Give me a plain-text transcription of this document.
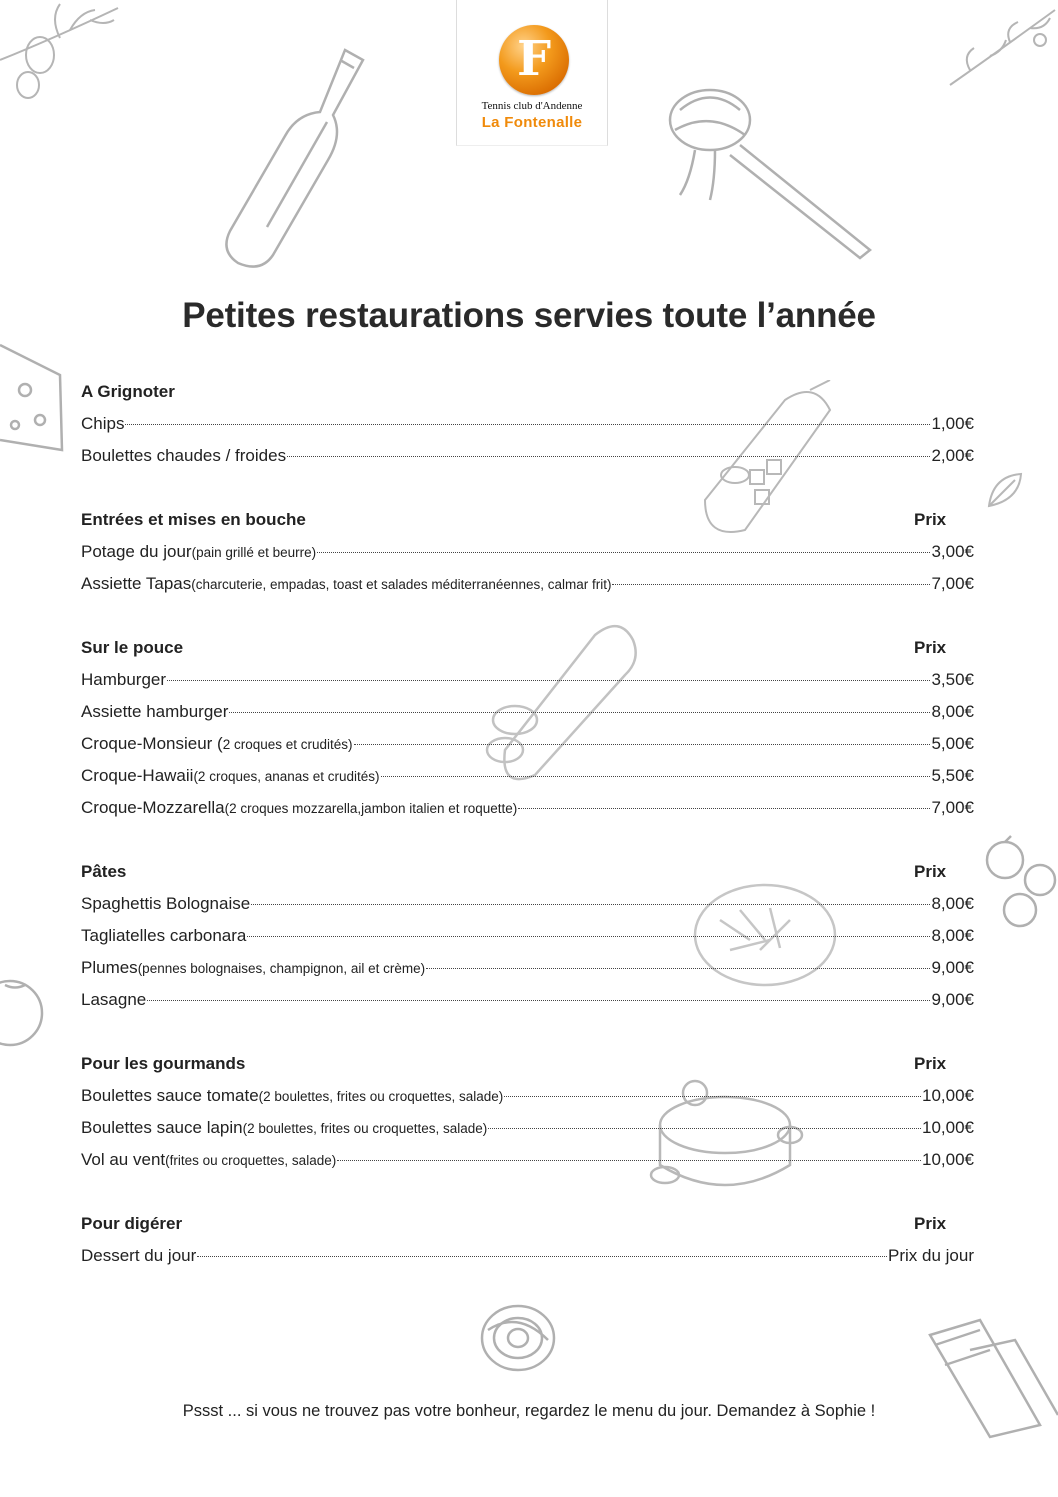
F
Tennis club d'Andenne
La Fontenalle
Petites restaurations servies toute l’année
A Grignoter
Chips	1,00€
Boulettes chaudes / froides	2,00€
Entrées et mises en bouche	Prix
Potage du jour (pain grillé et beurre)	3,00€
Assiette Tapas (charcuterie, empadas, toast et salades méditerranéennes, calmar frit)	7,00€
Sur le pouce	Prix
Hamburger	3,50€
Assiette hamburger	8,00€
Croque-Monsieur ( 2 croques et crudités)	5,00€
Croque-Hawaii (2 croques, ananas et crudités)	5,50€
Croque-Mozzarella (2 croques mozzarella,jambon italien et roquette)	7,00€
Pâtes	Prix
Spaghettis Bolognaise	8,00€
Tagliatelles carbonara	8,00€
Plumes (pennes bolognaises, champignon, ail et crème)	9,00€
Lasagne	9,00€
Pour les gourmands	Prix
Boulettes sauce tomate (2 boulettes, frites ou croquettes, salade)	10,00€
Boulettes sauce lapin (2 boulettes, frites ou croquettes, salade)	10,00€
Vol au vent (frites ou croquettes, salade)	10,00€
Pour digérer	Prix
Dessert du jour	Prix du jour
Pssst ... si vous ne trouvez pas votre bonheur, regardez le menu du jour. Demandez à Sophie !
